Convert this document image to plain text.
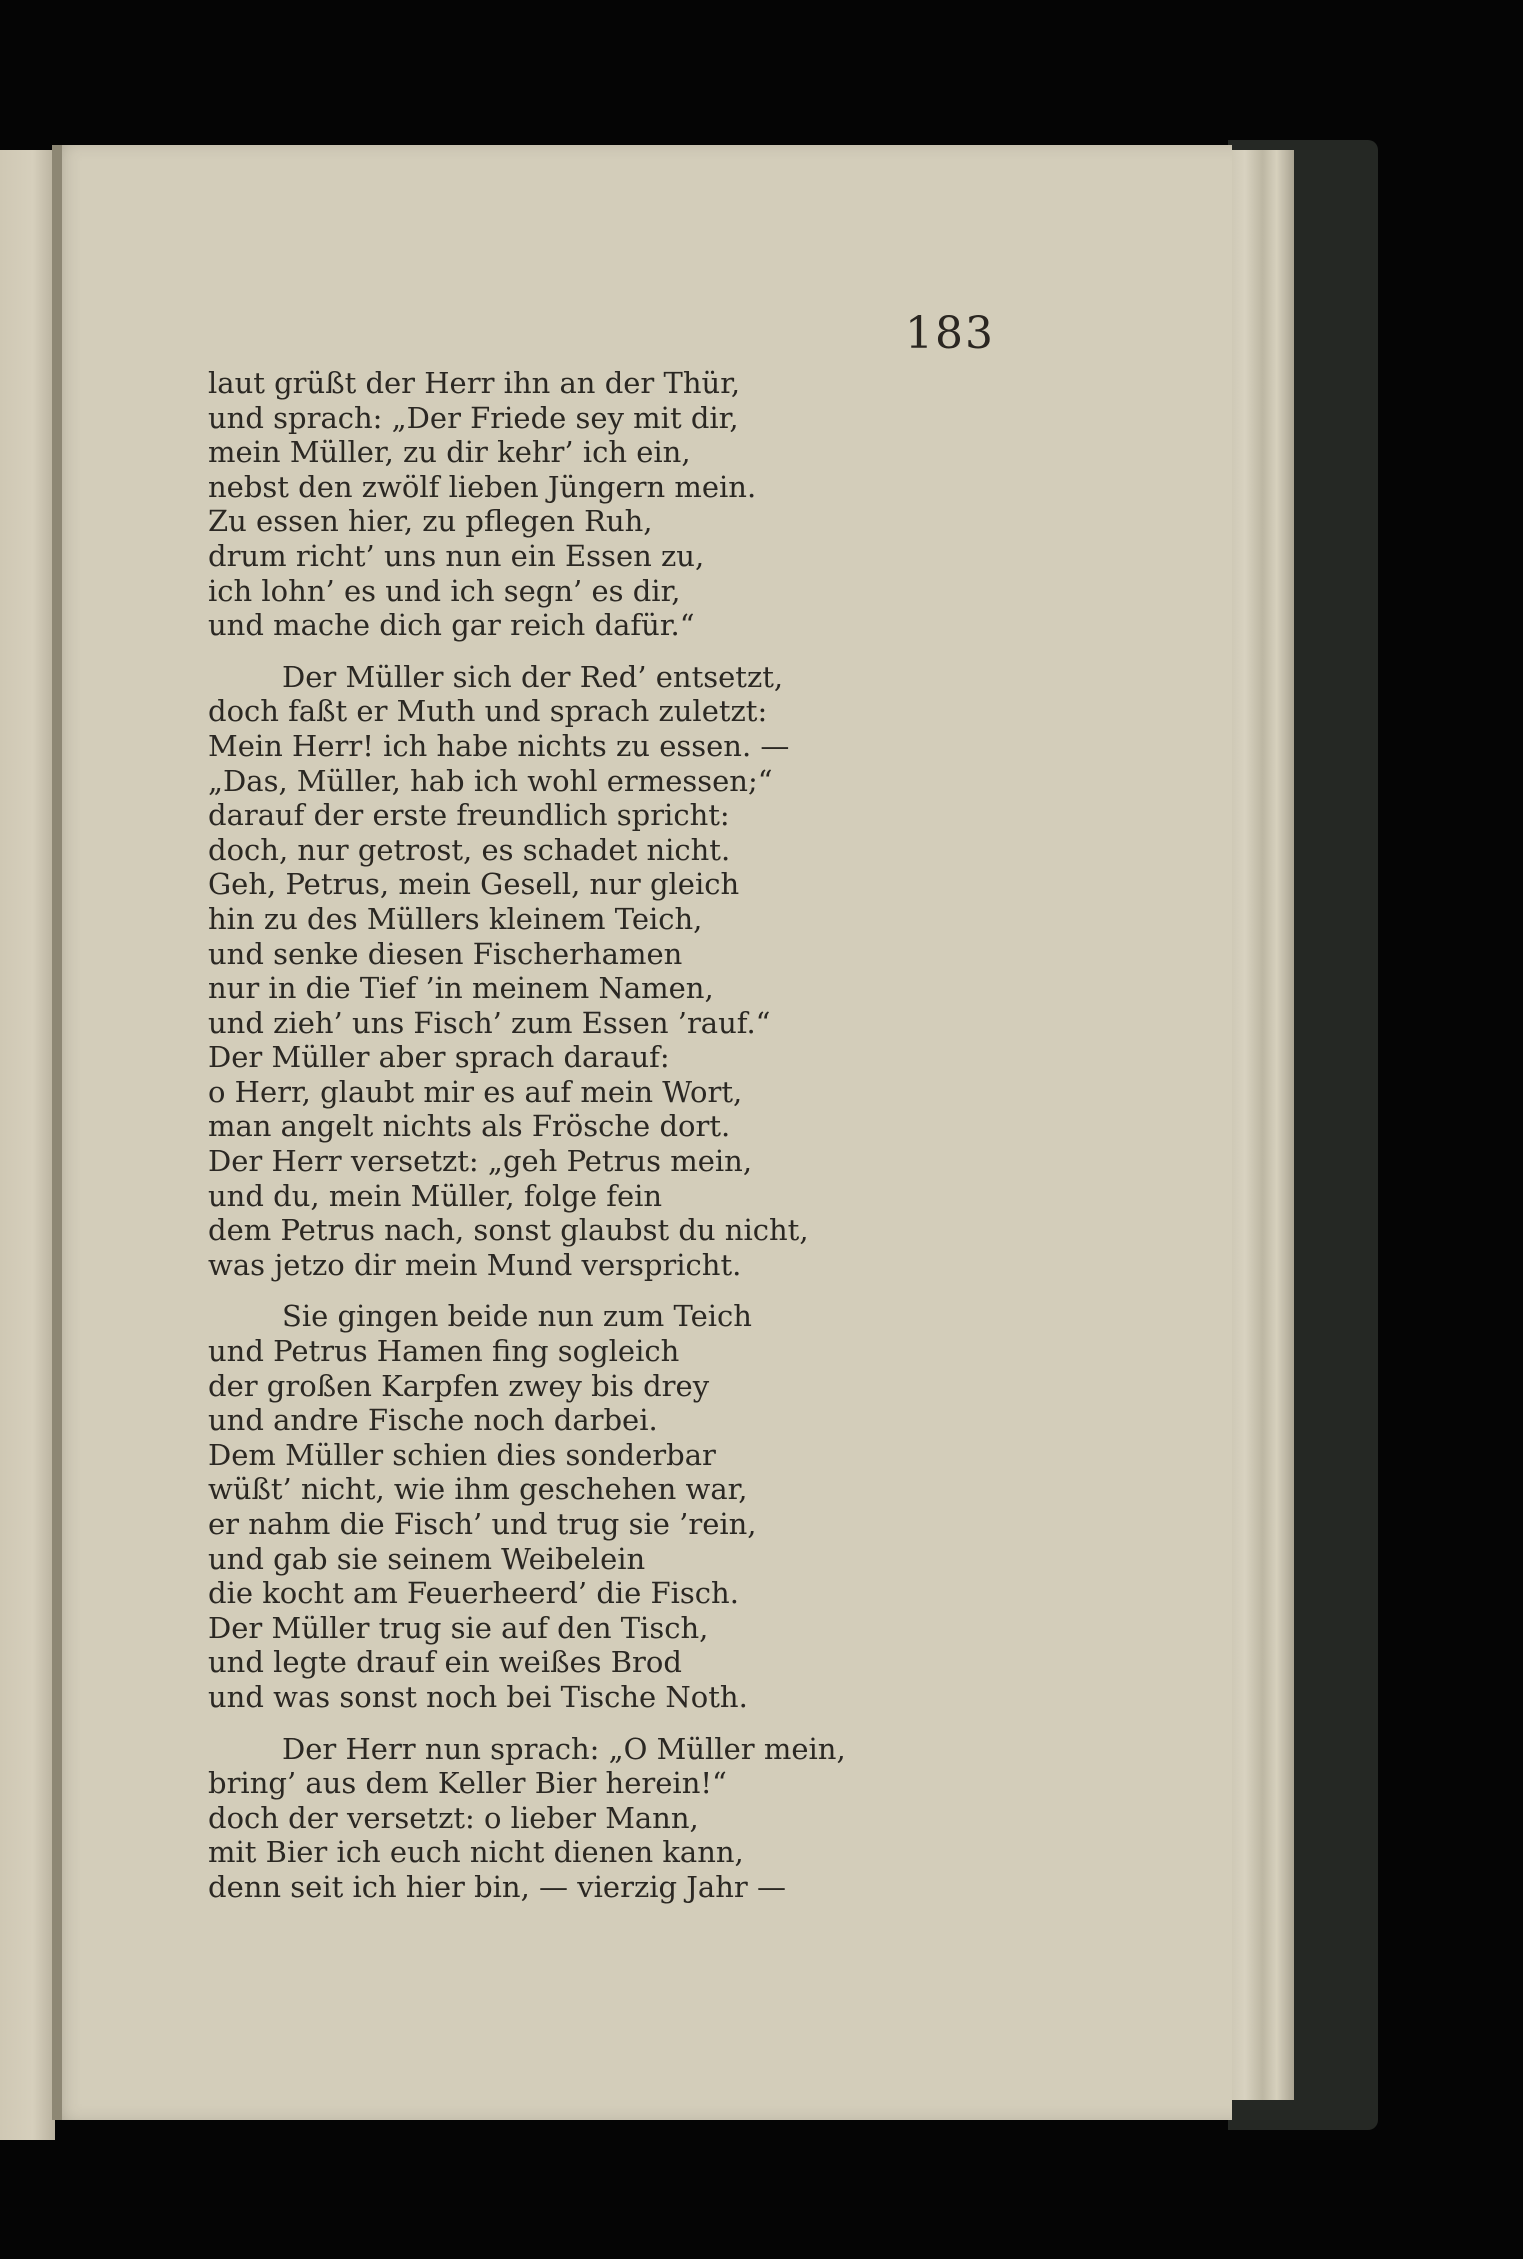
183
laut grüßt der Herr ihn an der Thür,
und sprach: „Der Friede sey mit dir,
mein Müller, zu dir kehr’ ich ein,
nebst den zwölf lieben Jüngern mein.
Zu essen hier, zu pflegen Ruh,
drum richt’ uns nun ein Essen zu,
ich lohn’ es und ich segn’ es dir,
und mache dich gar reich dafür.“
Der Müller sich der Red’ entsetzt,
doch faßt er Muth und sprach zuletzt:
Mein Herr! ich habe nichts zu essen. —
„Das, Müller, hab ich wohl ermessen;“
darauf der erste freundlich spricht:
doch, nur getrost, es schadet nicht.
Geh, Petrus, mein Gesell, nur gleich
hin zu des Müllers kleinem Teich,
und senke diesen Fischerhamen
nur in die Tief ’in meinem Namen,
und zieh’ uns Fisch’ zum Essen ’rauf.“
Der Müller aber sprach darauf:
o Herr, glaubt mir es auf mein Wort,
man angelt nichts als Frösche dort.
Der Herr versetzt: „geh Petrus mein,
und du, mein Müller, folge fein
dem Petrus nach, sonst glaubst du nicht,
was jetzo dir mein Mund verspricht.
Sie gingen beide nun zum Teich
und Petrus Hamen fing sogleich
der großen Karpfen zwey bis drey
und andre Fische noch darbei.
Dem Müller schien dies sonderbar
wüßt’ nicht, wie ihm geschehen war,
er nahm die Fisch’ und trug sie ’rein,
und gab sie seinem Weibelein
die kocht am Feuerheerd’ die Fisch.
Der Müller trug sie auf den Tisch,
und legte drauf ein weißes Brod
und was sonst noch bei Tische Noth.
Der Herr nun sprach: „O Müller mein,
bring’ aus dem Keller Bier herein!“
doch der versetzt: o lieber Mann,
mit Bier ich euch nicht dienen kann,
denn seit ich hier bin, — vierzig Jahr —
